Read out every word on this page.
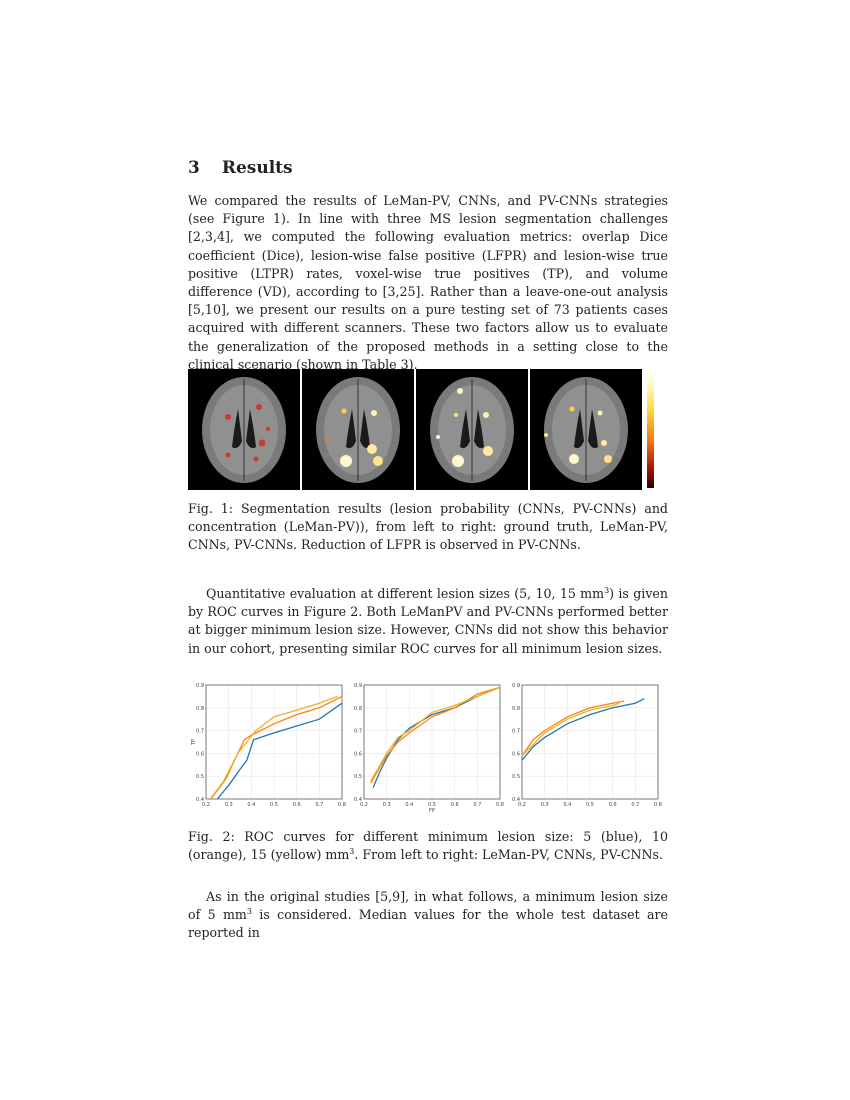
3 Results

We compared the results of LeMan-PV, CNNs, and PV-CNNs strategies (see Figure 1). In line with three MS lesion segmentation challenges [2,3,4], we computed the following evaluation metrics: overlap Dice coefficient (Dice), lesion-wise false positive (LFPR) and lesion-wise true positive (LTPR) rates, voxel-wise true positives (TP), and volume difference (VD), according to [3,25]. Rather than a leave-one-out analysis [5,10], we present our results on a pure testing set of 73 patients cases acquired with different scanners. These two factors allow us to evaluate the generalization of the proposed methods in a setting close to the clinical scenario (shown in Table 3).

Fig. 1: Segmentation results (lesion probability (CNNs, PV-CNNs) and concentration (LeMan-PV)), from left to right: ground truth, LeMan-PV, CNNs, PV-CNNs. Reduction of LFPR is observed in PV-CNNs.

Quantitative evaluation at different lesion sizes (5, 10, 15 $mm^3$) is given by ROC curves in Figure 2. Both LeManPV and PV-CNNs performed better at bigger minimum lesion size. However, CNNs did not show this behavior in our cohort, presenting similar ROC curves for all minimum lesion sizes.

0.2	0.3	0.4	0.5	0.6	0.7	0.8
0.4
0.5
0.6
0.7
0.8
0.9
TP
0.2	0.3	0.4	0.5	0.6	0.7	0.8
0.4
0.5
0.6
0.7
0.8
0.9
FP
0.2	0.3	0.4	0.5	0.6	0.7	0.8
0.4
0.5
0.6
0.7
0.8
0.9

Fig. 2: ROC curves for different minimum lesion size: 5 (blue), 10 (orange), 15 (yellow) $mm^3$. From left to right: LeMan-PV, CNNs, PV-CNNs.

As in the original studies [5,9], in what follows, a minimum lesion size of 5 $mm^3$ is considered. Median values for the whole test dataset are reported in
